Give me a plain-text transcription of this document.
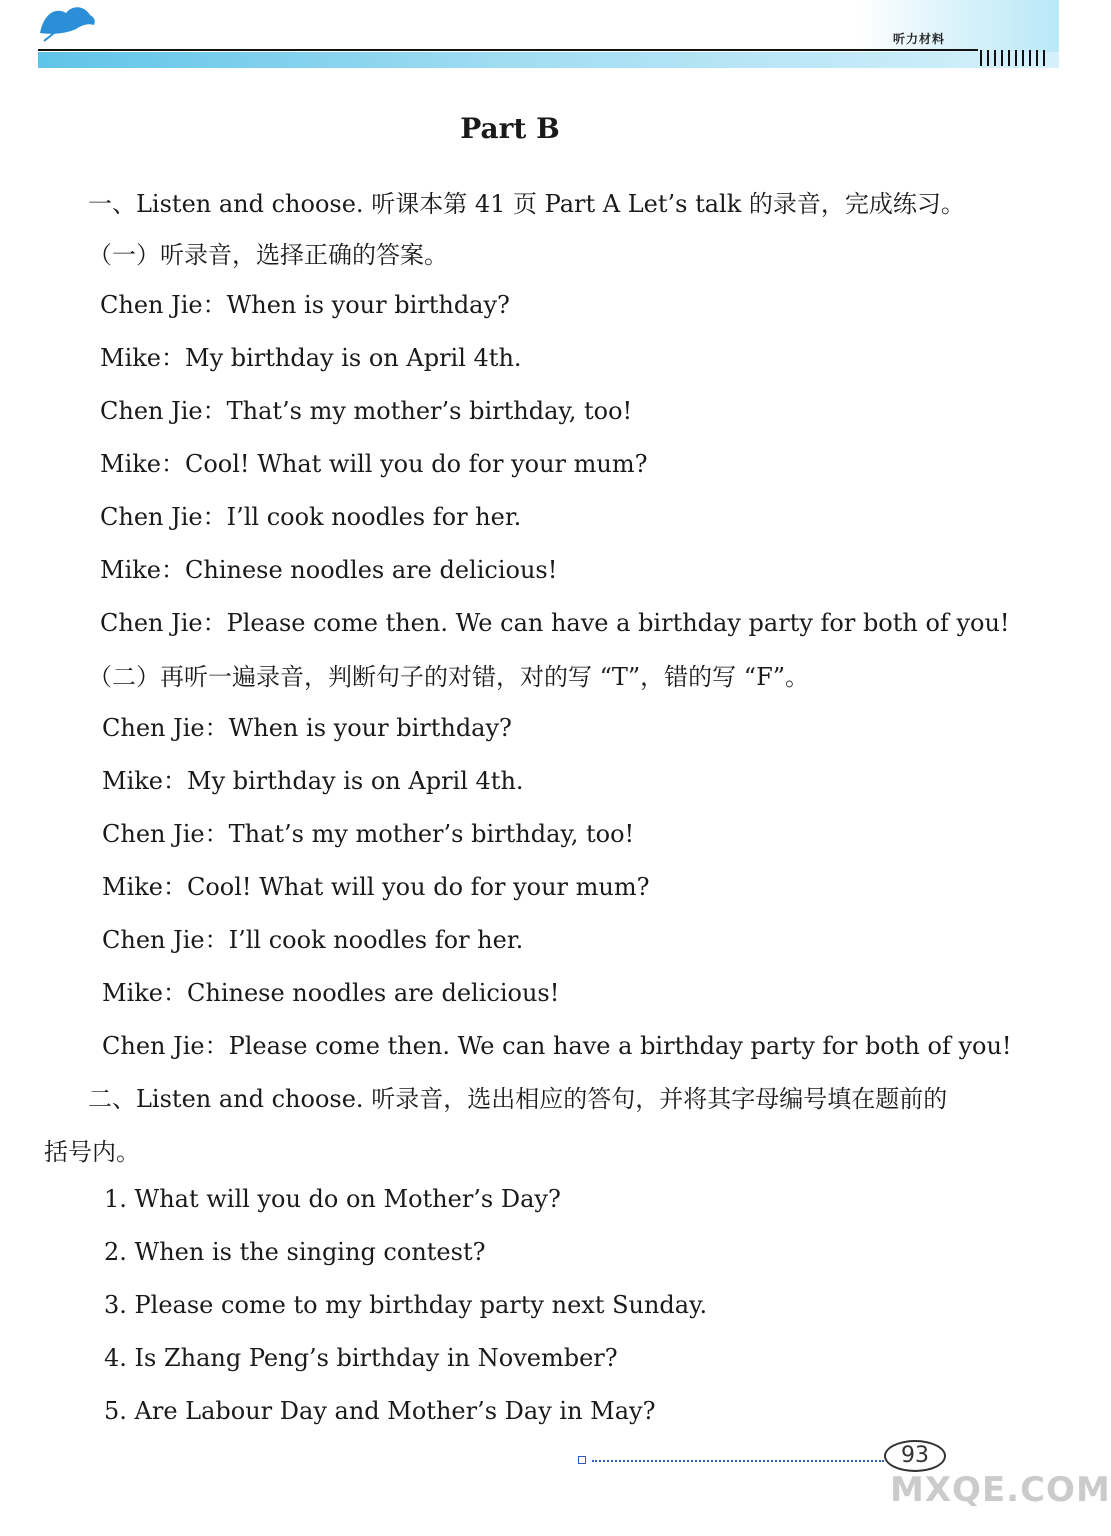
听力材料
Part B
一、Listen and choose. 听课本第 41 页 Part A Let’s talk 的录音，完成练习。
（一）听录音，选择正确的答案。
Chen Jie：When is your birthday?
Mike：My birthday is on April 4th.
Chen Jie：That’s my mother’s birthday, too!
Mike：Cool! What will you do for your mum?
Chen Jie：I’ll cook noodles for her.
Mike：Chinese noodles are delicious!
Chen Jie：Please come then. We can have a birthday party for both of you!
（二）再听一遍录音，判断句子的对错，对的写 “T”，错的写 “F”。
Chen Jie：When is your birthday?
Mike：My birthday is on April 4th.
Chen Jie：That’s my mother’s birthday, too!
Mike：Cool! What will you do for your mum?
Chen Jie：I’ll cook noodles for her.
Mike：Chinese noodles are delicious!
Chen Jie：Please come then. We can have a birthday party for both of you!
二、Listen and choose. 听录音，选出相应的答句，并将其字母编号填在题前的
括号内。
1. What will you do on Mother’s Day?
2. When is the singing contest?
3. Please come to my birthday party next Sunday.
4. Is Zhang Peng’s birthday in November?
5. Are Labour Day and Mother’s Day in May?
93
MXQE.COM
